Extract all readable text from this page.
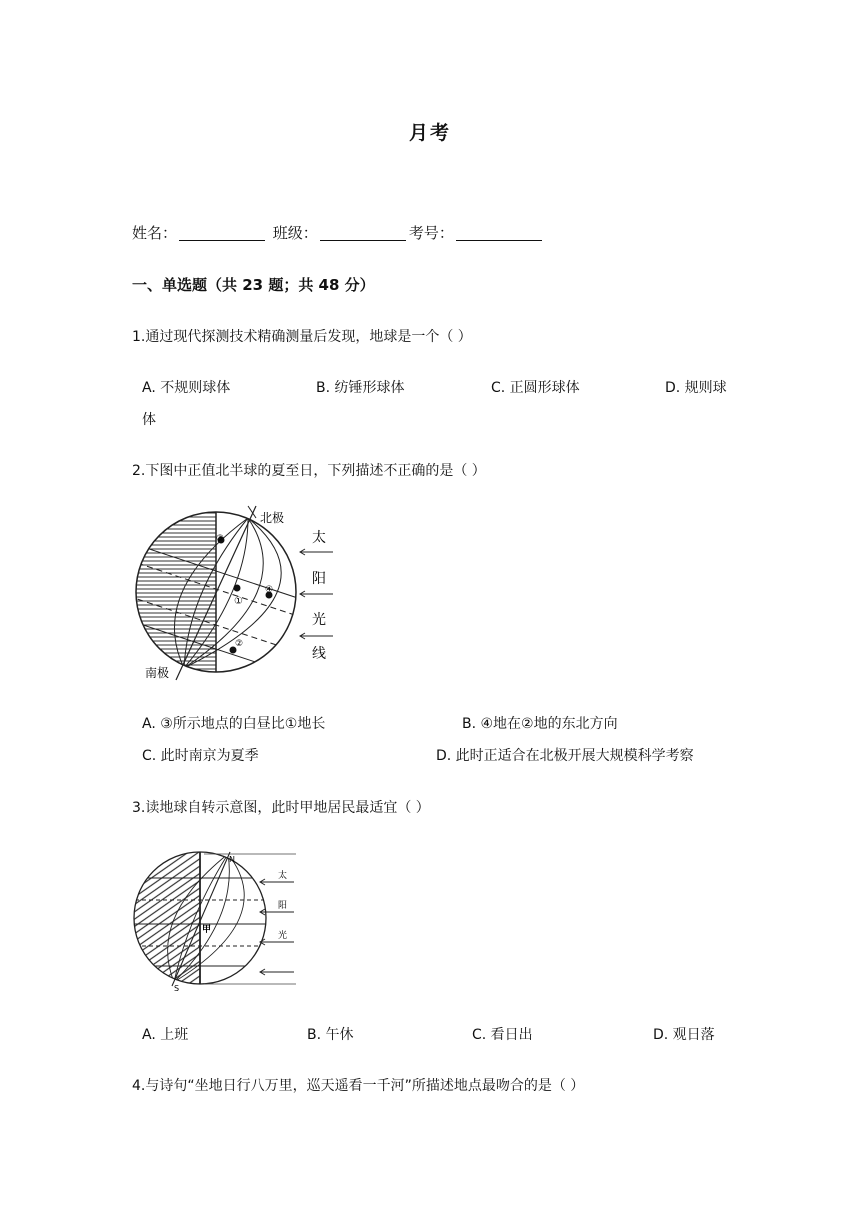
月考
姓名：	班级：	考号：
一、单选题（共 23 题；共 48 分）
1.通过现代探测技术精确测量后发现，地球是一个（ ）
A. 不规则球体	B. 纺锤形球体	C. 正圆形球体	D. 规则球
体
2.下图中正值北半球的夏至日，下列描述不正确的是（ ）
北极
南极
③
①
④
②
太
阳
光
线
A. ③所示地点的白昼比①地长	B. ④地在②地的东北方向
C. 此时南京为夏季	D. 此时正适合在北极开展大规模科学考察
3.读地球自转示意图，此时甲地居民最适宜（ ）
N
S
甲
太
阳
光
A. 上班	B. 午休	C. 看日出	D. 观日落
4.与诗句“坐地日行八万里，巡天遥看一千河”所描述地点最吻合的是（ ）
